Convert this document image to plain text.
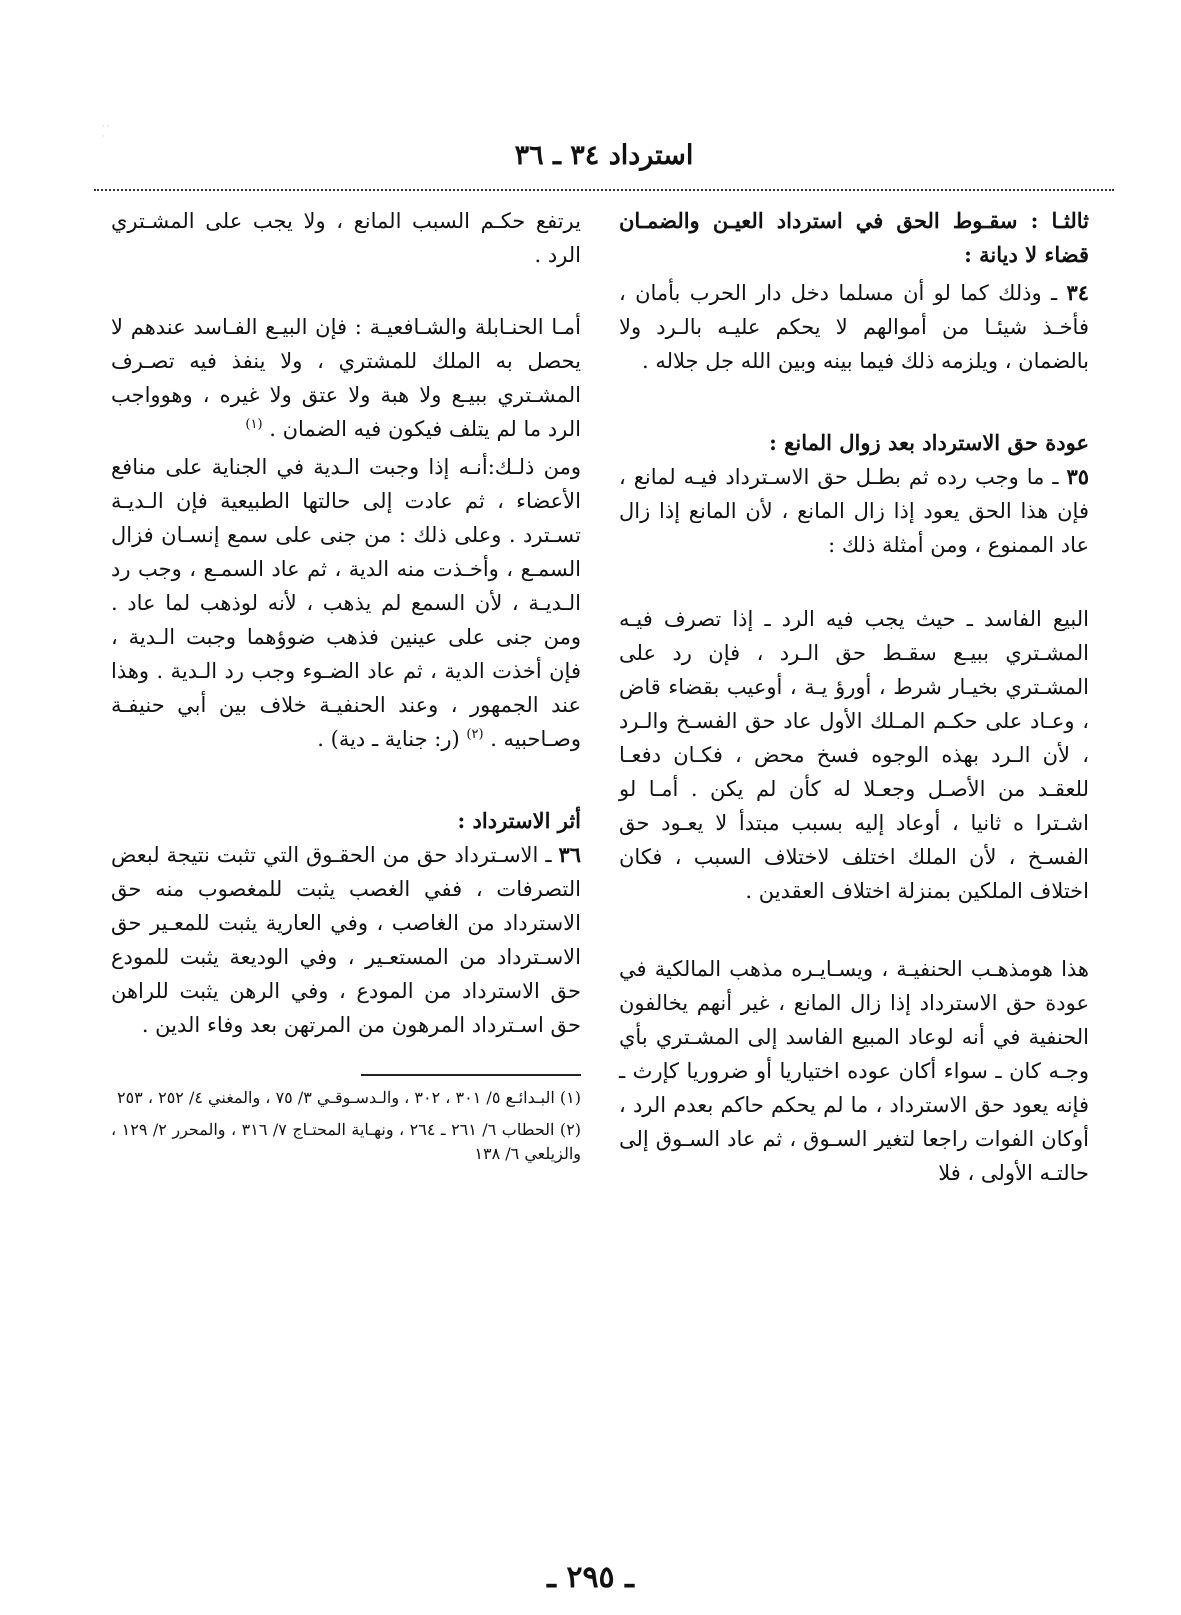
· ·
·
استرداد ٣٤ ـ ٣٦

ثالثـا : سقـوط الحق في استرداد العيـن والضمـان قضاء لا ديانة :

٣٤ ـ وذلك كما لو أن مسلما دخل دار الحرب بأمان ، فأخـذ شيئـا من أموالهم لا يحكم عليـه بالـرد ولا بالضمان ، ويلزمه ذلك فيما بينه وبين الله جل جلاله .

عودة حق الاسترداد بعد زوال المانع :

٣٥ ـ ما وجب رده ثم بطـل حق الاسـترداد فيـه لمانع ، فإن هذا الحق يعود إذا زال المانع ، لأن المانع إذا زال عاد الممنوع ، ومن أمثلة ذلك :

البيع الفاسد ـ حيث يجب فيه الرد ـ إذا تصرف فيـه المشـتري ببيـع سقـط حق الـرد ، فإن رد على المشـتري بخيـار شرط ، أورؤ يـة ، أوعيب بقضاء قاض ، وعـاد على حكـم المـلك الأول عاد حق الفسـخ والـرد ، لأن الـرد بهذه الوجوه فسخ محض ، فكـان دفعـا للعقـد من الأصـل وجعـلا له كأن لم يكن . أمـا لو اشـترا ه ثانيا ، أوعاد إليه بسبب مبتدأ لا يعـود حق الفسـخ ، لأن الملك اختلف لاختلاف السبب ، فكان اختلاف الملكين بمنزلة اختلاف العقدين .

هذا هومذهـب الحنفيـة ، ويسـايـره مذهب المالكية في عودة حق الاسترداد إذا زال المانع ، غير أنهم يخالفون الحنفية في أنه لوعاد المبيع الفاسد إلى المشـتري بأي وجـه كان ـ سواء أكان عوده اختياريا أو ضروريا كإرث ـ فإنه يعود حق الاسترداد ، ما لم يحكم حاكم بعدم الرد ، أوكان الفوات راجعا لتغير السـوق ، ثم عاد السـوق إلى حالتـه الأولى ، فلا

يرتفع حكـم السبب المانع ، ولا يجب على المشـتري الرد .

أمـا الحنـابلة والشـافعيـة : فإن البيـع الفـاسد عندهم لا يحصل به الملك للمشتري ، ولا ينفذ فيه تصـرف المشـتري ببيـع ولا هبة ولا عتق ولا غيره ، وهوواجب الرد ما لم يتلف فيكون فيه الضمان . $^{(١)}$

ومن ذلـك:أنـه إذا وجبت الـدية في الجناية على منافع الأعضاء ، ثم عادت إلى حالتها الطبيعية فإن الـديـة تسـترد . وعلى ذلك : من جنى على سمع إنسـان فزال السمـع ، وأخـذت منه الدية ، ثم عاد السمـع ، وجب رد الـديـة ، لأن السمع لم يذهب ، لأنه لوذهب لما عاد . ومن جنى على عينين فذهب ضوؤهما وجبت الـدية ، فإن أخذت الدية ، ثم عاد الضـوء وجب رد الـدية . وهذا عند الجمهور ، وعند الحنفيـة خلاف بين أبي حنيفـة وصـاحبيه . $^{(٢)}$ (ر: جناية ـ دية) .

أثر الاسترداد :

٣٦ ـ الاسـترداد حق من الحقـوق التي تثبت نتيجة لبعض التصرفات ، ففي الغصب يثبت للمغصوب منه حق الاسترداد من الغاصب ، وفي العارية يثبت للمعـير حق الاسـترداد من المستعـير ، وفي الوديعة يثبت للمودع حق الاسترداد من المودع ، وفي الرهن يثبت للراهن حق اسـترداد المرهون من المرتهن بعد وفاء الدين .

(١) البـدائـع ٥/ ٣٠١ ، ٣٠٢ ، والـدسـوقـي ٣/ ٧٥ ، والمغني ٤/ ٢٥٢ ، ٢٥٣
(٢) الحطاب ٦/ ٢٦١ ـ ٢٦٤ ، ونهـاية المحتـاج ٧/ ٣١٦ ، والمحرر ٢/ ١٢٩ ، والزيلعي ٦/ ١٣٨
ـ ٢٩٥ ـ
